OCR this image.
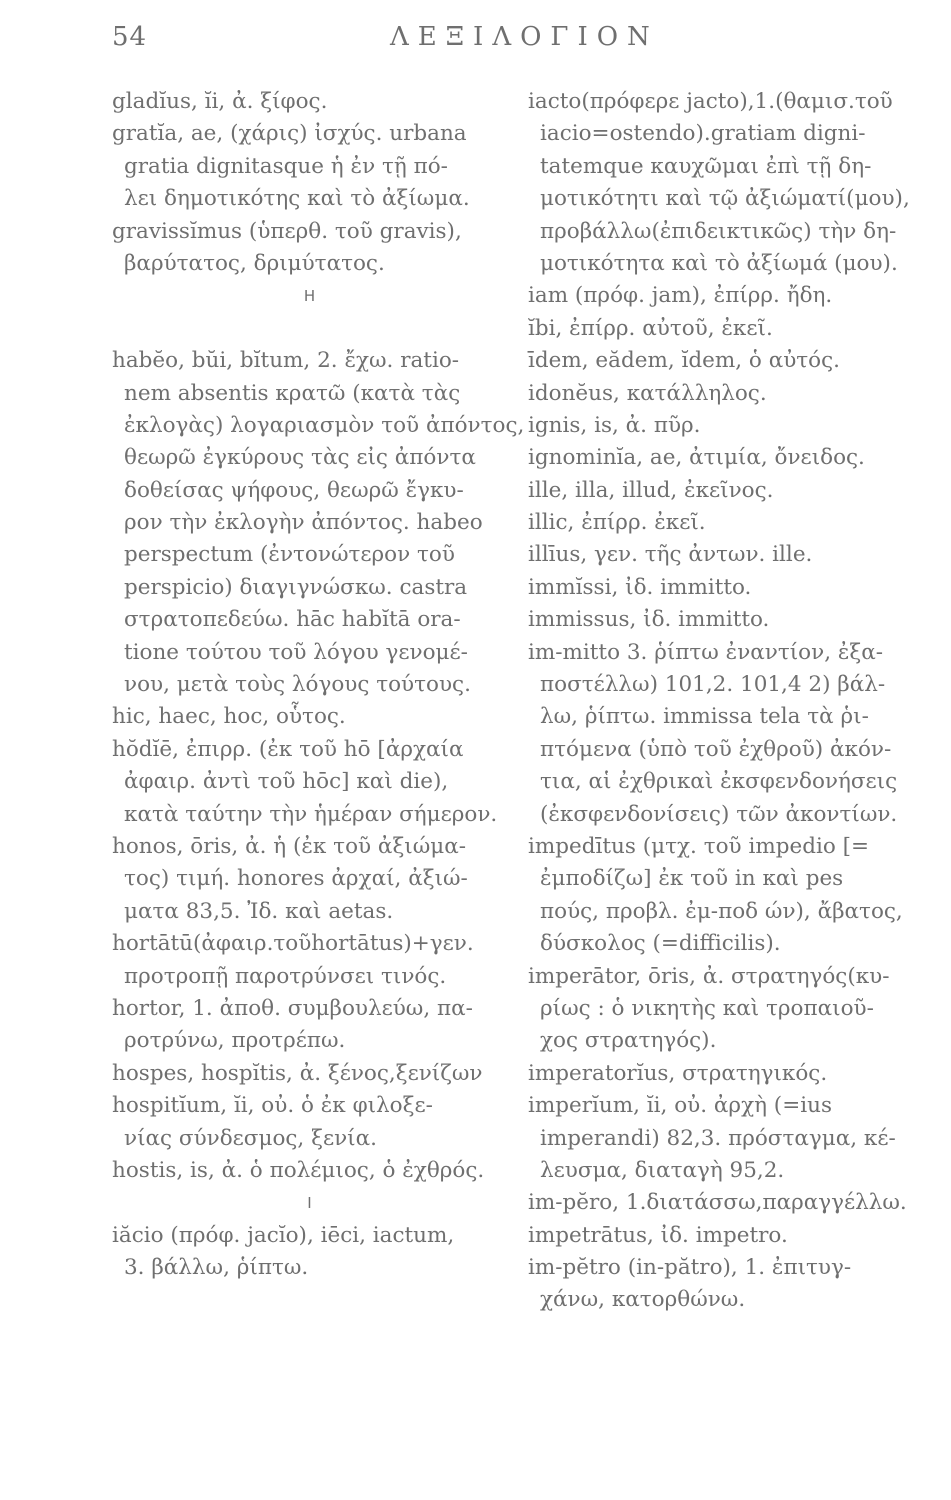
54	ΛΕΞΙΛΟΓΙΟΝ
gladĭus, ĭi, ἀ. ξίφος.
gratĭa, ae, (χάρις) ἰσχύς. urbana
gratia dignitasque ἡ ἐν τῇ πό-
λει δημοτικότης καὶ τὸ ἀξίωμα.
gravissĭmus (ὑπερθ. τοῦ gravis),
βαρύτατος, δριμύτατος.
H
habĕo, bŭi, bĭtum, 2. ἔχω. ratio-
nem absentis κρατῶ (κατὰ τὰς
ἐκλογὰς) λογαριασμὸν τοῦ ἀπόντος,
θεωρῶ ἐγκύρους τὰς εἰς ἀπόντα
δοθείσας ψήφους, θεωρῶ ἔγκυ-
ρον τὴν ἐκλογὴν ἀπόντος. habeo
perspectum (ἐντονώτερον τοῦ
perspicio) διαγιγνώσκω. castra
στρατοπεδεύω. hāc habĭtā ora-
tione τούτου τοῦ λόγου γενομέ-
νου, μετὰ τοὺς λόγους τούτους.
hic, haec, hoc, οὗτος.
hŏdĭē, ἐπιρρ. (ἐκ τοῦ hō [ἀρχαία
ἀφαιρ. ἀντὶ τοῦ hōc] καὶ die),
κατὰ ταύτην τὴν ἡμέραν σήμερον.
honos, ōris, ἀ. ἡ (ἐκ τοῦ ἀξιώμα-
τος) τιμή. honores ἀρχαί, ἀξιώ-
ματα 83,5. Ἰδ. καὶ aetas.
hortātū(ἀφαιρ.τοῦhortātus)+γεν.
προτροπῇ παροτρύνσει τινός.
hortor, 1. ἀποθ. συμβουλεύω, πα-
ροτρύνω, προτρέπω.
hospes, hospĭtis, ἀ. ξένος,ξενίζων
hospitĭum, ĭi, οὐ. ὁ ἐκ φιλοξε-
νίας σύνδεσμος, ξενία.
hostis, is, ἀ. ὁ πολέμιος, ὁ ἐχθρός.
I
iăcio (πρόφ. jacĭo), iēci, iactum,
3. βάλλω, ῥίπτω.
iacto(πρόφερε jacto),1.(θαμισ.τοῦ
iacio=ostendo).gratiam digni-
tatemque καυχῶμαι ἐπὶ τῇ δη-
μοτικότητι καὶ τῷ ἀξιώματί(μου),
προβάλλω(ἐπιδεικτικῶς) τὴν δη-
μοτικότητα καὶ τὸ ἀξίωμά (μου).
iam (πρόφ. jam), ἐπίρρ. ἤδη.
ĭbi, ἐπίρρ. αὐτοῦ, ἐκεῖ.
īdem, eădem, ĭdem, ὁ αὐτός.
idonĕus, κατάλληλος.
ignis, is, ἀ. πῦρ.
ignominĭa, ae, ἀτιμία, ὄνειδος.
ille, illa, illud, ἐκεῖνος.
illic, ἐπίρρ. ἐκεῖ.
illīus, γεν. τῆς ἀντων. ille.
immĭssi, ἰδ. immitto.
immissus, ἰδ. immitto.
im-mitto 3. ῥίπτω ἐναντίον, ἐξα-
ποστέλλω) 101,2. 101,4 2) βάλ-
λω, ῥίπτω. immissa tela τὰ ῥι-
πτόμενα (ὑπὸ τοῦ ἐχθροῦ) ἀκόν-
τια, αἱ ἐχθρικαὶ ἐκσφενδονήσεις
(ἐκσφενδονίσεις) τῶν ἀκοντίων.
impedītus (μτχ. τοῦ impedio [=
ἐμποδίζω] ἐκ τοῦ in καὶ pes
πούς, προβλ. ἐμ-ποδ ών), ἄβατος,
δύσκολος (=difficilis).
imperātor, ōris, ἀ. στρατηγός(κυ-
ρίως : ὁ νικητὴς καὶ τροπαιοῦ-
χος στρατηγός).
imperatorĭus, στρατηγικός.
imperĭum, ĭi, οὐ. ἀρχὴ (=ius
imperandi) 82,3. πρόσταγμα, κέ-
λευσμα, διαταγὴ 95,2.
im-pĕro, 1.διατάσσω,παραγγέλλω.
impetrātus, ἰδ. impetro.
im-pĕtro (in-pătro), 1. ἐπιτυγ-
χάνω, κατορθώνω.
